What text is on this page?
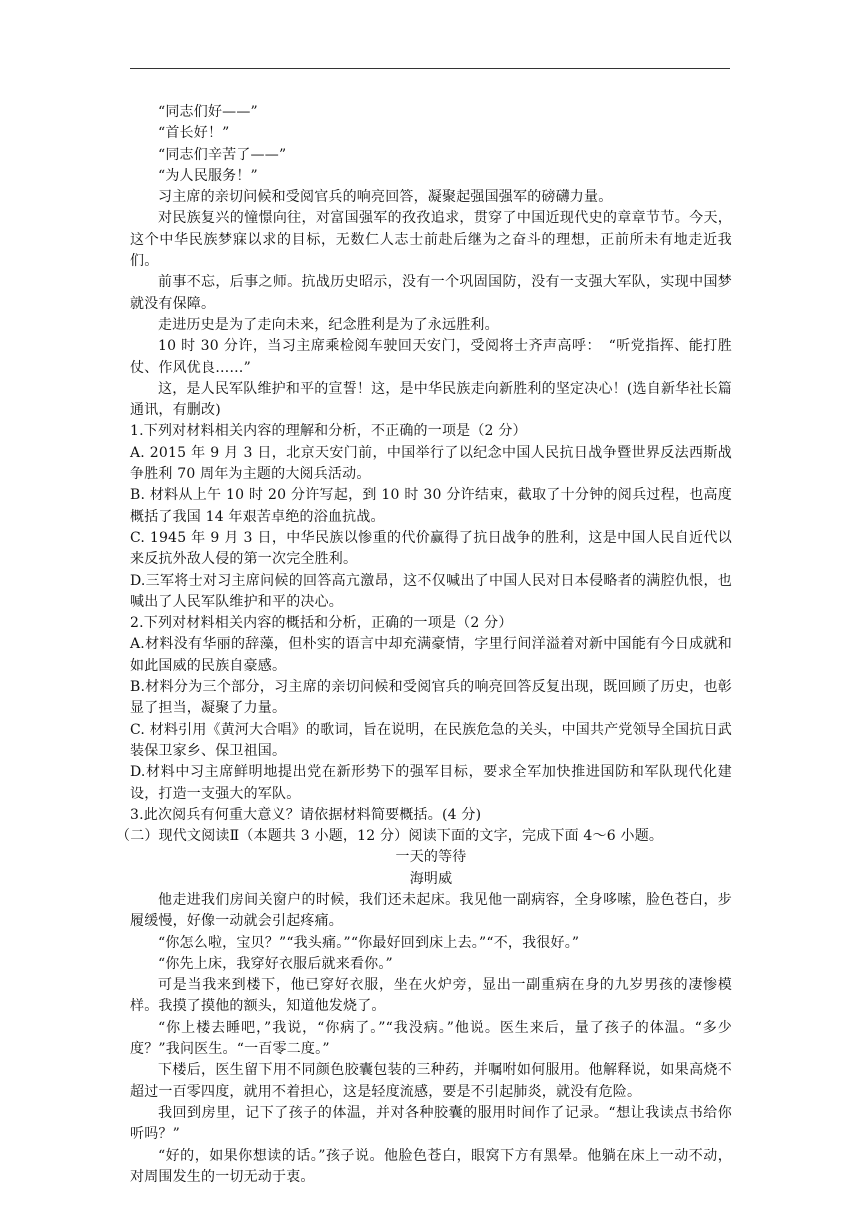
“同志们好——”

“首长好！”

“同志们辛苦了——”

“为人民服务！”

习主席的亲切问候和受阅官兵的响亮回答，凝聚起强国强军的磅礴力量。

对民族复兴的憧憬向往，对富国强军的孜孜追求，贯穿了中国近现代史的章章节节。今天，这个中华民族梦寐以求的目标，无数仁人志士前赴后继为之奋斗的理想，正前所未有地走近我们。

前事不忘，后事之师。抗战历史昭示，没有一个巩固国防，没有一支强大军队，实现中国梦就没有保障。

走进历史是为了走向未来，纪念胜利是为了永远胜利。

10 时 30 分许，当习主席乘检阅车驶回天安门，受阅将士齐声高呼：　“听党指挥、能打胜仗、作风优良……”

这，是人民军队维护和平的宣誓！这，是中华民族走向新胜利的坚定决心！(选自新华社长篇通讯，有删改)

1.下列对材料相关内容的理解和分析，不正确的一项是（2 分）

A. 2015 年 9 月 3 日，北京天安门前，中国举行了以纪念中国人民抗日战争暨世界反法西斯战争胜利 70 周年为主题的大阅兵活动。

B. 材料从上午 10 时 20 分许写起，到 10 时 30 分许结束，截取了十分钟的阅兵过程，也高度概括了我国 14 年艰苦卓绝的浴血抗战。

C. 1945 年 9 月 3 日，中华民族以惨重的代价赢得了抗日战争的胜利，这是中国人民自近代以来反抗外敌人侵的第一次完全胜利。

D.三军将士对习主席问候的回答高亢激昂，这不仅喊出了中国人民对日本侵略者的满腔仇恨，也喊出了人民军队维护和平的决心。

2.下列对材料相关内容的概括和分析，正确的一项是（2 分）

A.材料没有华丽的辞藻，但朴实的语言中却充满豪情，字里行间洋溢着对新中国能有今日成就和如此国威的民族自豪感。

B.材料分为三个部分，习主席的亲切问候和受阅官兵的响亮回答反复出现，既回顾了历史，也彰显了担当，凝聚了力量。

C. 材料引用《黄河大合唱》的歌词，旨在说明，在民族危急的关头，中国共产党领导全国抗日武装保卫家乡、保卫祖国。

D.材料中习主席鲜明地提出党在新形势下的强军目标，要求全军加快推进国防和军队现代化建设，打造一支强大的军队。

3.此次阅兵有何重大意义？请依据材料简要概括。(4 分)

（二）现代文阅读Ⅱ（本题共 3 小题，12 分）阅读下面的文字，完成下面 4～6 小题。

一天的等待

海明威

他走进我们房间关窗户的时候，我们还未起床。我见他一副病容，全身哆嗦，脸色苍白，步履缓慢，好像一动就会引起疼痛。

“你怎么啦，宝贝？”“我头痛。”“你最好回到床上去。”“不，我很好。”

“你先上床，我穿好衣服后就来看你。”

可是当我来到楼下，他已穿好衣服，坐在火炉旁，显出一副重病在身的九岁男孩的凄惨模样。我摸了摸他的额头，知道他发烧了。

“你上楼去睡吧，”我说，“你病了。”“我没病。”他说。医生来后，量了孩子的体温。“多少度？”我问医生。“一百零二度。”

下楼后，医生留下用不同颜色胶囊包装的三种药，并嘱咐如何服用。他解释说，如果高烧不超过一百零四度，就用不着担心，这是轻度流感，要是不引起肺炎，就没有危险。

我回到房里，记下了孩子的体温，并对各种胶囊的服用时间作了记录。“想让我读点书给你听吗？”

“好的，如果你想读的话。”孩子说。他脸色苍白，眼窝下方有黑晕。他躺在床上一动不动，对周围发生的一切无动于衷。
